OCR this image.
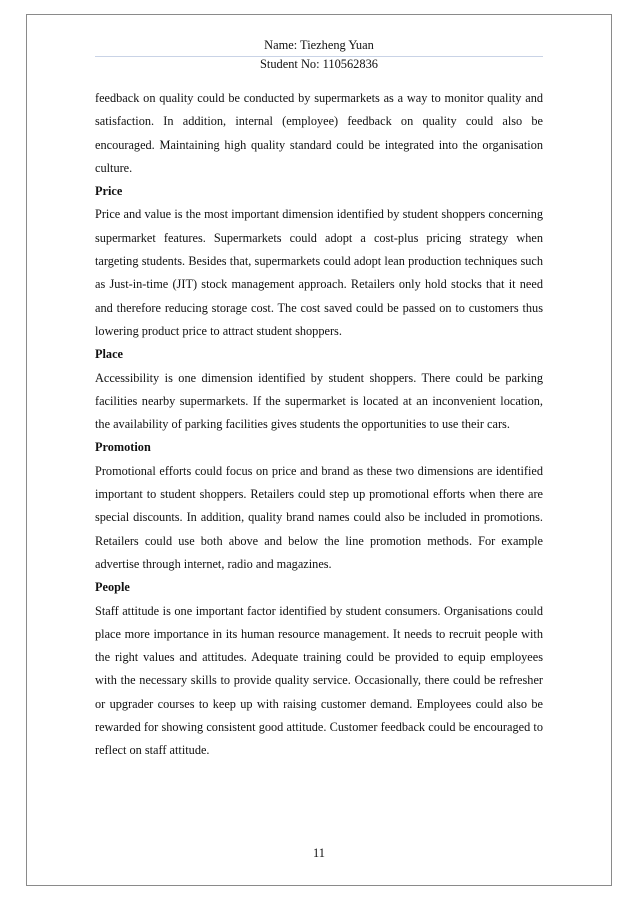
Name: Tiezheng Yuan
Student No: 110562836

feedback on quality could be conducted by supermarkets as a way to monitor quality and satisfaction. In addition, internal (employee) feedback on quality could also be encouraged. Maintaining high quality standard could be integrated into the organisation culture.

Price

Price and value is the most important dimension identified by student shoppers concerning supermarket features. Supermarkets could adopt a cost-plus pricing strategy when targeting students. Besides that, supermarkets could adopt lean production techniques such as Just-in-time (JIT) stock management approach. Retailers only hold stocks that it need and therefore reducing storage cost. The cost saved could be passed on to customers thus lowering product price to attract student shoppers.

Place

Accessibility is one dimension identified by student shoppers. There could be parking facilities nearby supermarkets. If the supermarket is located at an inconvenient location, the availability of parking facilities gives students the opportunities to use their cars.

Promotion

Promotional efforts could focus on price and brand as these two dimensions are identified important to student shoppers. Retailers could step up promotional efforts when there are special discounts. In addition, quality brand names could also be included in promotions. Retailers could use both above and below the line promotion methods. For example advertise through internet, radio and magazines.

People

Staff attitude is one important factor identified by student consumers. Organisations could place more importance in its human resource management. It needs to recruit people with the right values and attitudes. Adequate training could be provided to equip employees with the necessary skills to provide quality service. Occasionally, there could be refresher or upgrader courses to keep up with raising customer demand. Employees could also be rewarded for showing consistent good attitude. Customer feedback could be encouraged to reflect on staff attitude.

11
